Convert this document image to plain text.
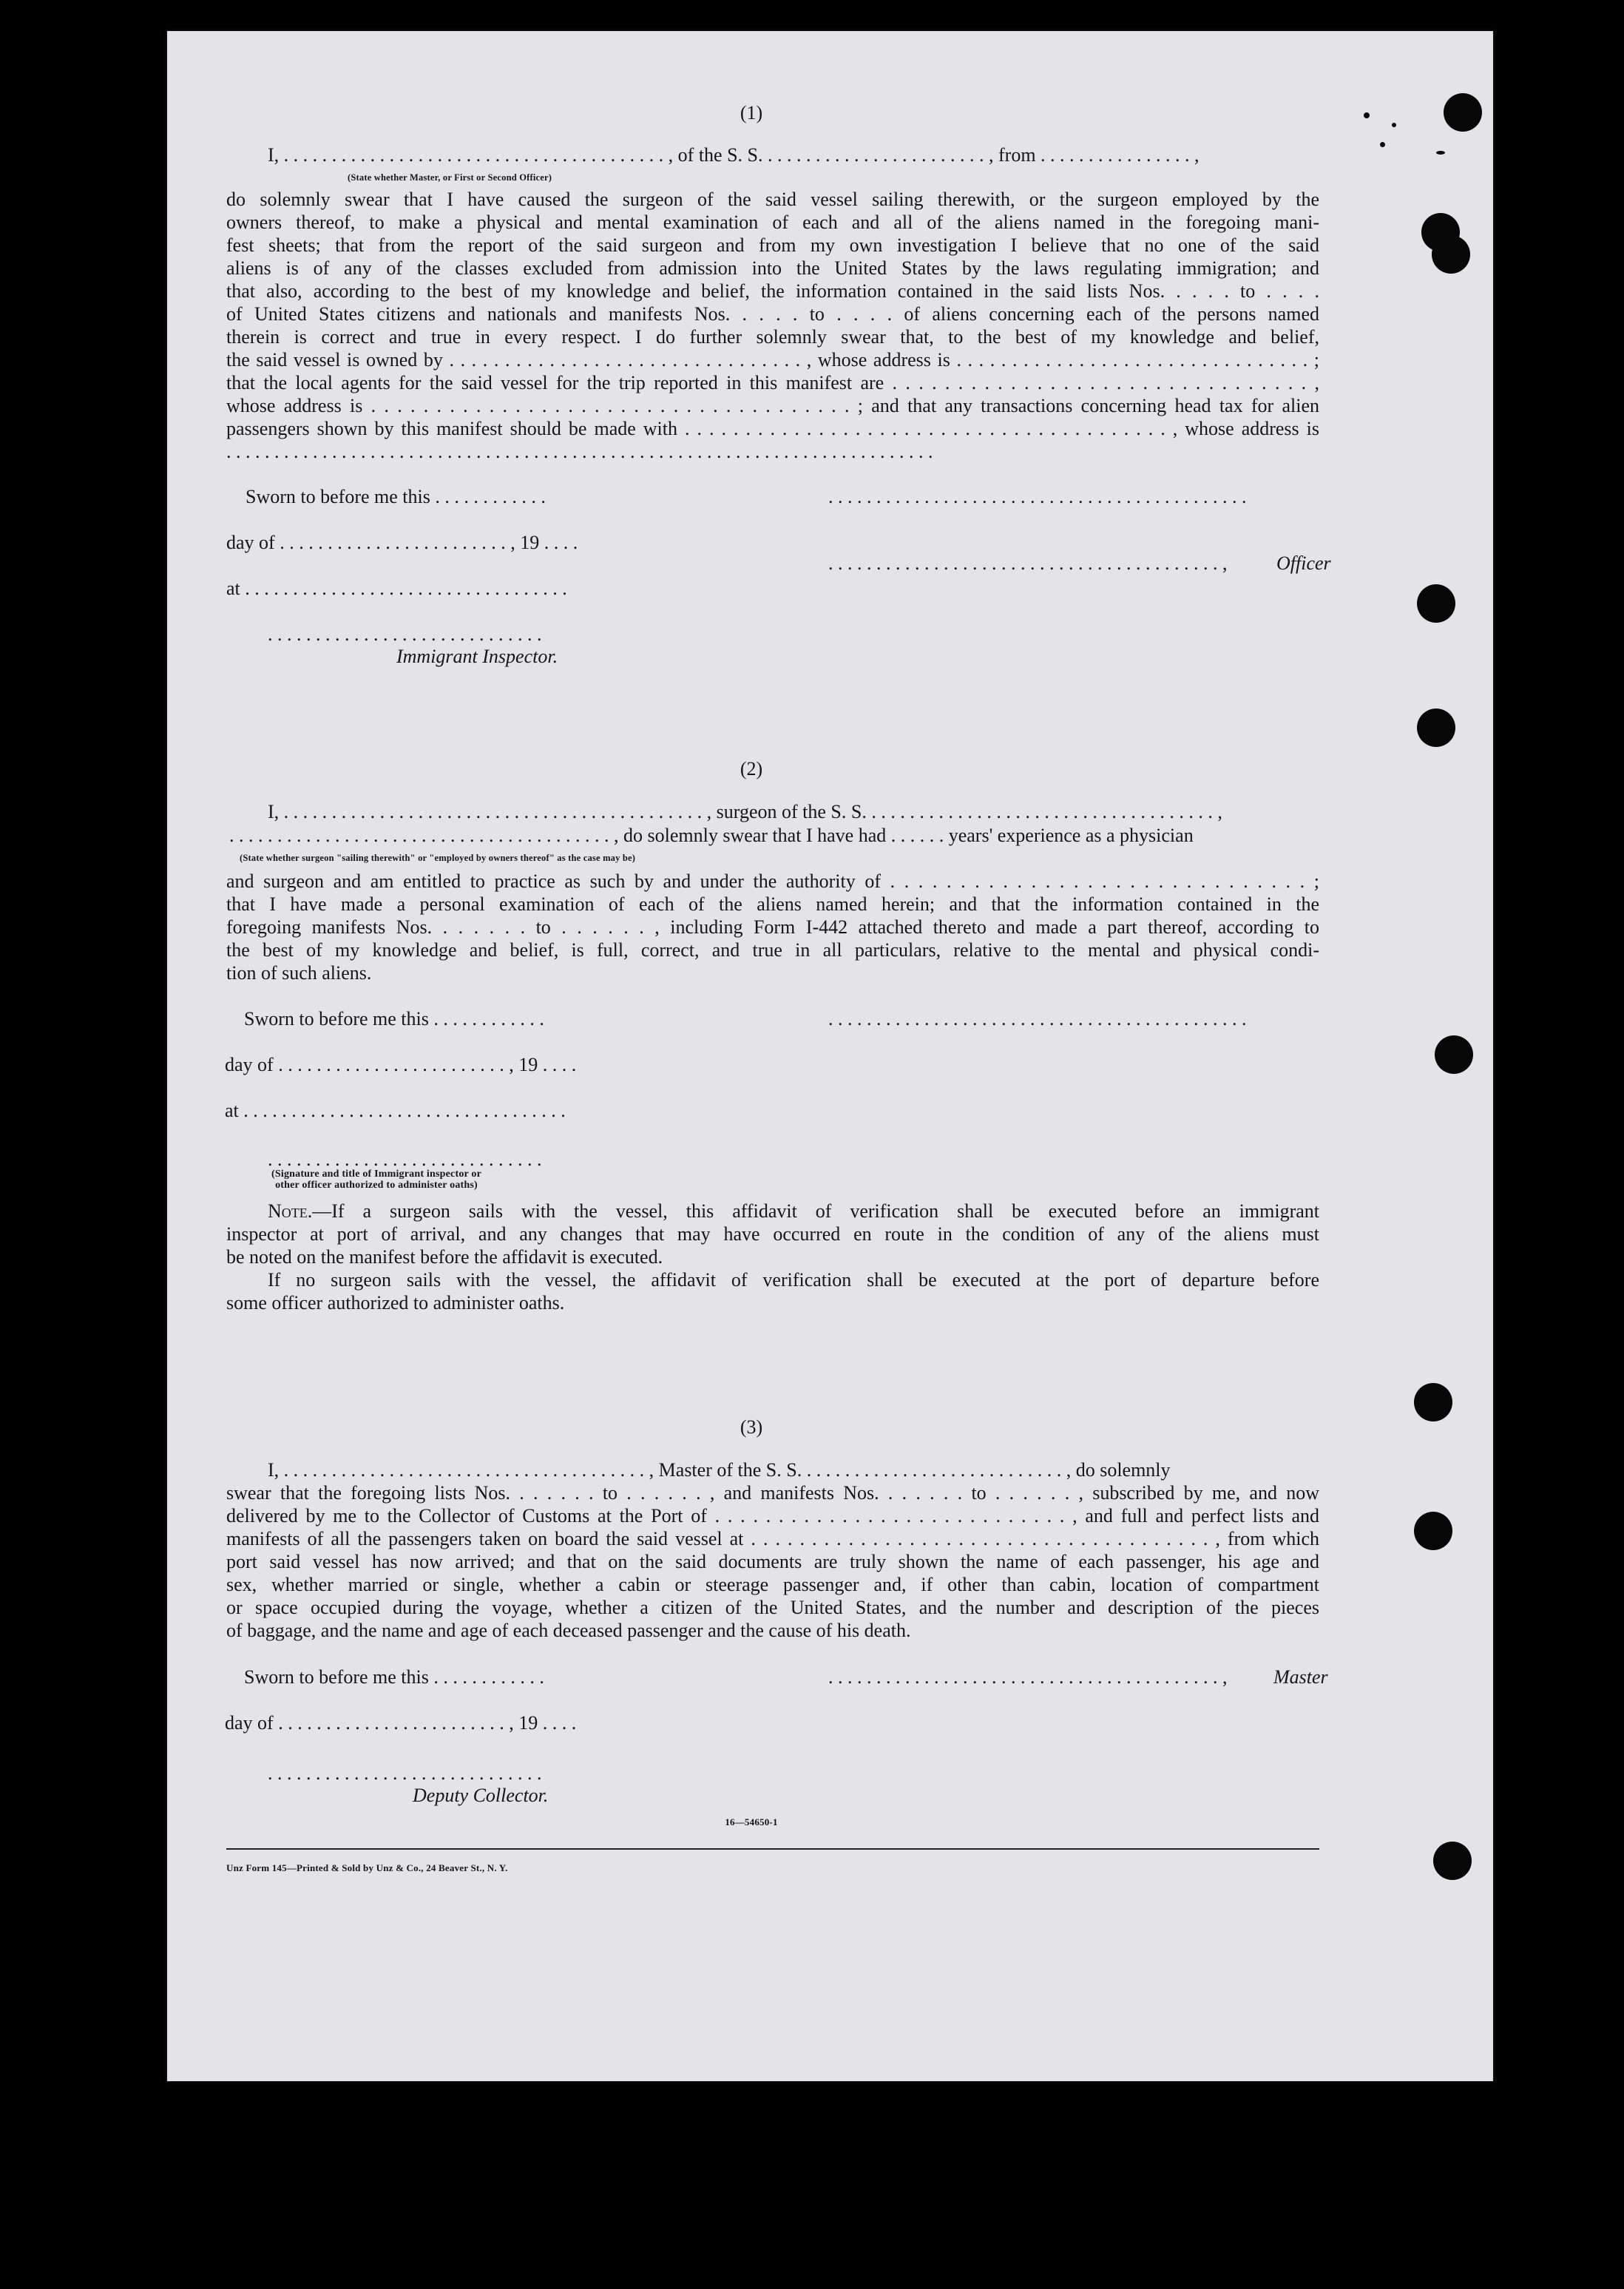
(1)
I, . . . . . . . . . . . . . . . . . . . . . . . . . . . . . . . . . . . . . . . . , of the S. S. . . . . . . . . . . . . . . . . . . . . . . . , from . . . . . . . . . . . . . . . . ,
(State whether Master, or First or Second Officer)
do solemnly swear that I have caused the surgeon of the said vessel sailing therewith, or the surgeon employed by the
owners thereof, to make a physical and mental examination of each and all of the aliens named in the foregoing mani-
fest sheets; that from the report of the said surgeon and from my own investigation I believe that no one of the said
aliens is of any of the classes excluded from admission into the United States by the laws regulating immigration; and
that also, according to the best of my knowledge and belief, the information contained in the said lists Nos. . . . . to . . . .
of United States citizens and nationals and manifests Nos. . . . . to . . . . of aliens concerning each of the persons named
therein is correct and true in every respect. I do further solemnly swear that, to the best of my knowledge and belief,
the said vessel is owned by . . . . . . . . . . . . . . . . . . . . . . . . . . . . . . . . , whose address is . . . . . . . . . . . . . . . . . . . . . . . . . . . . . . . . ;
that the local agents for the said vessel for the trip reported in this manifest are . . . . . . . . . . . . . . . . . . . . . . . . . . . . . . . . ,
whose address is . . . . . . . . . . . . . . . . . . . . . . . . . . . . . . . . . . . . . ; and that any transactions concerning head tax for alien
passengers shown by this manifest should be made with . . . . . . . . . . . . . . . . . . . . . . . . . . . . . . . . . . . . . . . . , whose address is
. . . . . . . . . . . . . . . . . . . . . . . . . . . . . . . . . . . . . . . . . . . . . . . . . . . . . . . . . . . . . . . . . . . . . . . . . .
Sworn to before me this . . . . . . . . . . . .	. . . . . . . . . . . . . . . . . . . . . . . . . . . . . . . . . . . . . . . . . . . .
day of . . . . . . . . . . . . . . . . . . . . . . . . , 19 . . . .
. . . . . . . . . . . . . . . . . . . . . . . . . . . . . . . . . . . . . . . . . ,	Officer
at . . . . . . . . . . . . . . . . . . . . . . . . . . . . . . . . . .
. . . . . . . . . . . . . . . . . . . . . . . . . . . . .
Immigrant Inspector.
(2)
I, . . . . . . . . . . . . . . . . . . . . . . . . . . . . . . . . . . . . . . . . . . . . , surgeon of the S. S. . . . . . . . . . . . . . . . . . . . . . . . . . . . . . . . . . . . . ,
. . . . . . . . . . . . . . . . . . . . . . . . . . . . . . . . . . . . . . . . , do solemnly swear that I have had . . . . . . years' experience as a physician
(State whether surgeon "sailing therewith" or "employed by owners thereof" as the case may be)
and surgeon and am entitled to practice as such by and under the authority of . . . . . . . . . . . . . . . . . . . . . . . . . . . . . . ;
that I have made a personal examination of each of the aliens named herein; and that the information contained in the
foregoing manifests Nos. . . . . . . to . . . . . . , including Form I-442 attached thereto and made a part thereof, according to
the best of my knowledge and belief, is full, correct, and true in all particulars, relative to the mental and physical condi-
tion of such aliens.
Sworn to before me this . . . . . . . . . . . .	. . . . . . . . . . . . . . . . . . . . . . . . . . . . . . . . . . . . . . . . . . . .
day of . . . . . . . . . . . . . . . . . . . . . . . . , 19 . . . .
at . . . . . . . . . . . . . . . . . . . . . . . . . . . . . . . . . .
. . . . . . . . . . . . . . . . . . . . . . . . . . . . .
(Signature and title of Immigrant inspector or
other officer authorized to administer oaths)
Note.—If a surgeon sails with the vessel, this affidavit of verification shall be executed before an immigrant
inspector at port of arrival, and any changes that may have occurred en route in the condition of any of the aliens must
be noted on the manifest before the affidavit is executed.
If no surgeon sails with the vessel, the affidavit of verification shall be executed at the port of departure before
some officer authorized to administer oaths.
(3)
I, . . . . . . . . . . . . . . . . . . . . . . . . . . . . . . . . . . . . . . , Master of the S. S. . . . . . . . . . . . . . . . . . . . . . . . . . . . , do solemnly
swear that the foregoing lists Nos. . . . . . . to . . . . . . , and manifests Nos. . . . . . . to . . . . . . , subscribed by me, and now
delivered by me to the Collector of Customs at the Port of . . . . . . . . . . . . . . . . . . . . . . . . . . . . , and full and perfect lists and
manifests of all the passengers taken on board the said vessel at . . . . . . . . . . . . . . . . . . . . . . . . . . . . . . . . . . . . . . , from which
port said vessel has now arrived; and that on the said documents are truly shown the name of each passenger, his age and
sex, whether married or single, whether a cabin or steerage passenger and, if other than cabin, location of compartment
or space occupied during the voyage, whether a citizen of the United States, and the number and description of the pieces
of baggage, and the name and age of each deceased passenger and the cause of his death.
Sworn to before me this . . . . . . . . . . . .	. . . . . . . . . . . . . . . . . . . . . . . . . . . . . . . . . . . . . . . . . ,	Master
day of . . . . . . . . . . . . . . . . . . . . . . . . , 19 . . . .
. . . . . . . . . . . . . . . . . . . . . . . . . . . . .
Deputy Collector.
16—54650-1
Unz Form 145—Printed & Sold by Unz & Co., 24 Beaver St., N. Y.
